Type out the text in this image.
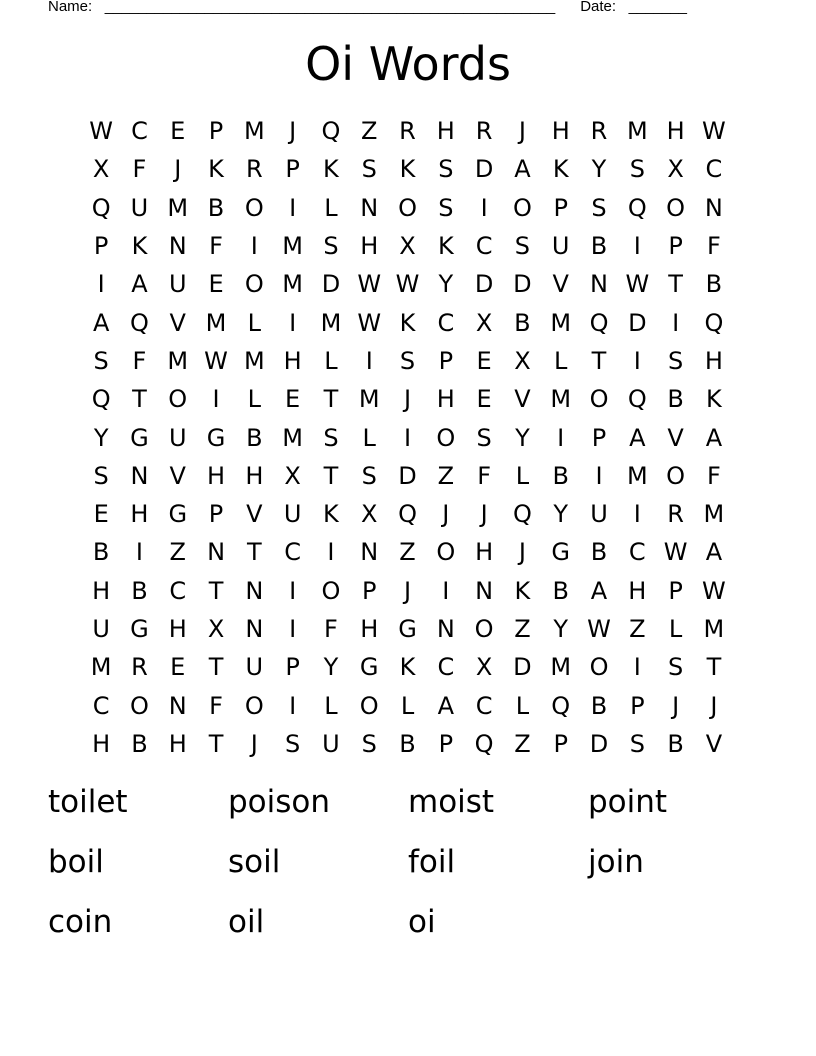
Name: ______________________________________________________ Date: _______
Oi Words
W C E P M	J	Q Z R H R	J	H R M H W
X F	J	K R P K S K S D A K Y S X C
Q U M B O	I	L N O S	I	O P S Q O N
P K N F	I	M S H X K C S U B	I	P	F
I	A U E O M D W W Y D D V N W T B
A Q V M L	I	M W K C X B M Q D	I	Q
S F M W M H L	I	S P E X L	T	I	S H
Q T O	I	L	E T M	J	H E V M O Q B K
Y G U G B M S L	I	O S Y	I	P A V A
S N V H H X T S D Z F	L B	I	M O F
E H G P V U K X Q	J	J	Q Y U	I	R M
B	I	Z N T C	I	N Z O H	J	G B C W A
H B C T N	I	O P	J	I	N K B A H P W
U G H X N	I	F H G N O Z Y W Z L M
M R E T U P Y G K C X D M O	I	S T
C O N F O	I	L O L A C L Q B P	J	J
H B H T	J	S U S B P Q Z P D S B V
toilet	poison	moist	point
boil	soil	foil	join
coin	oil	oi
